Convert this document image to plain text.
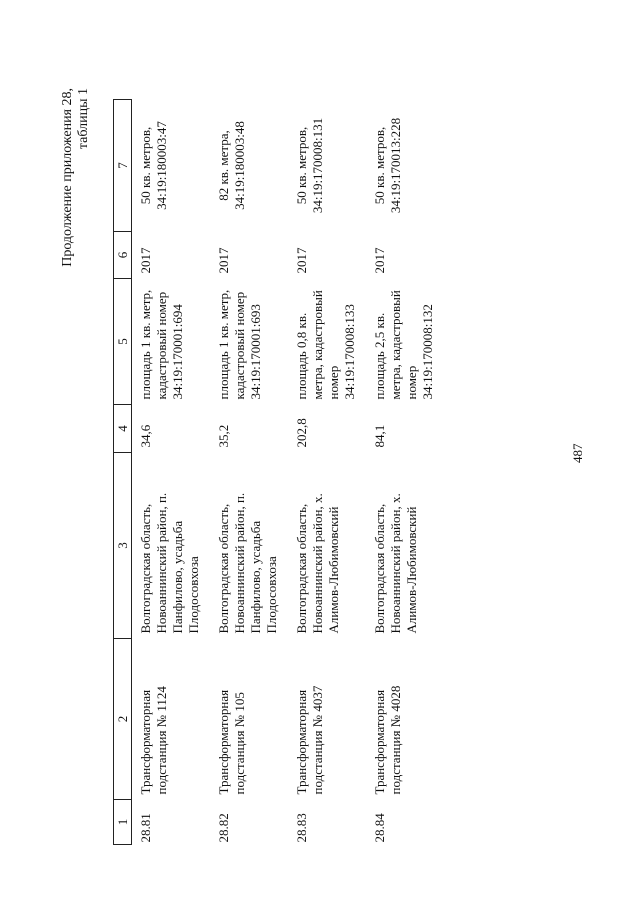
487
Продолжение приложения 28, таблицы 1
1	2	3	4	5	6	7
28.81	Трансформаторная подстанция № 1124	Волгоградская область, Новоаннинский район, п. Панфилово, усадьба Плодосовхоза	34,6	площадь 1 кв. метр, кадастровый номер 34:19:170001:694	2017	50 кв. метров, 34:19:180003:47
28.82	Трансформаторная подстанция № 105	Волгоградская область, Новоаннинский район, п. Панфилово, усадьба Плодосовхоза	35,2	площадь 1 кв. метр, кадастровый номер 34:19:170001:693	2017	82 кв. метра, 34:19:180003:48
28.83	Трансформаторная подстанция № 4037	Волгоградская область, Новоаннинский район, х. Алимов-Любимовский	202,8	площадь 0,8 кв. метра, кадастровый номер 34:19:170008:133	2017	50 кв. метров, 34:19:170008:131
28.84	Трансформаторная подстанция № 4028	Волгоградская область, Новоаннинский район, х. Алимов-Любимовский	84,1	площадь 2,5 кв. метра, кадастровый номер 34:19:170008:132	2017	50 кв. метров, 34:19:170013:228
